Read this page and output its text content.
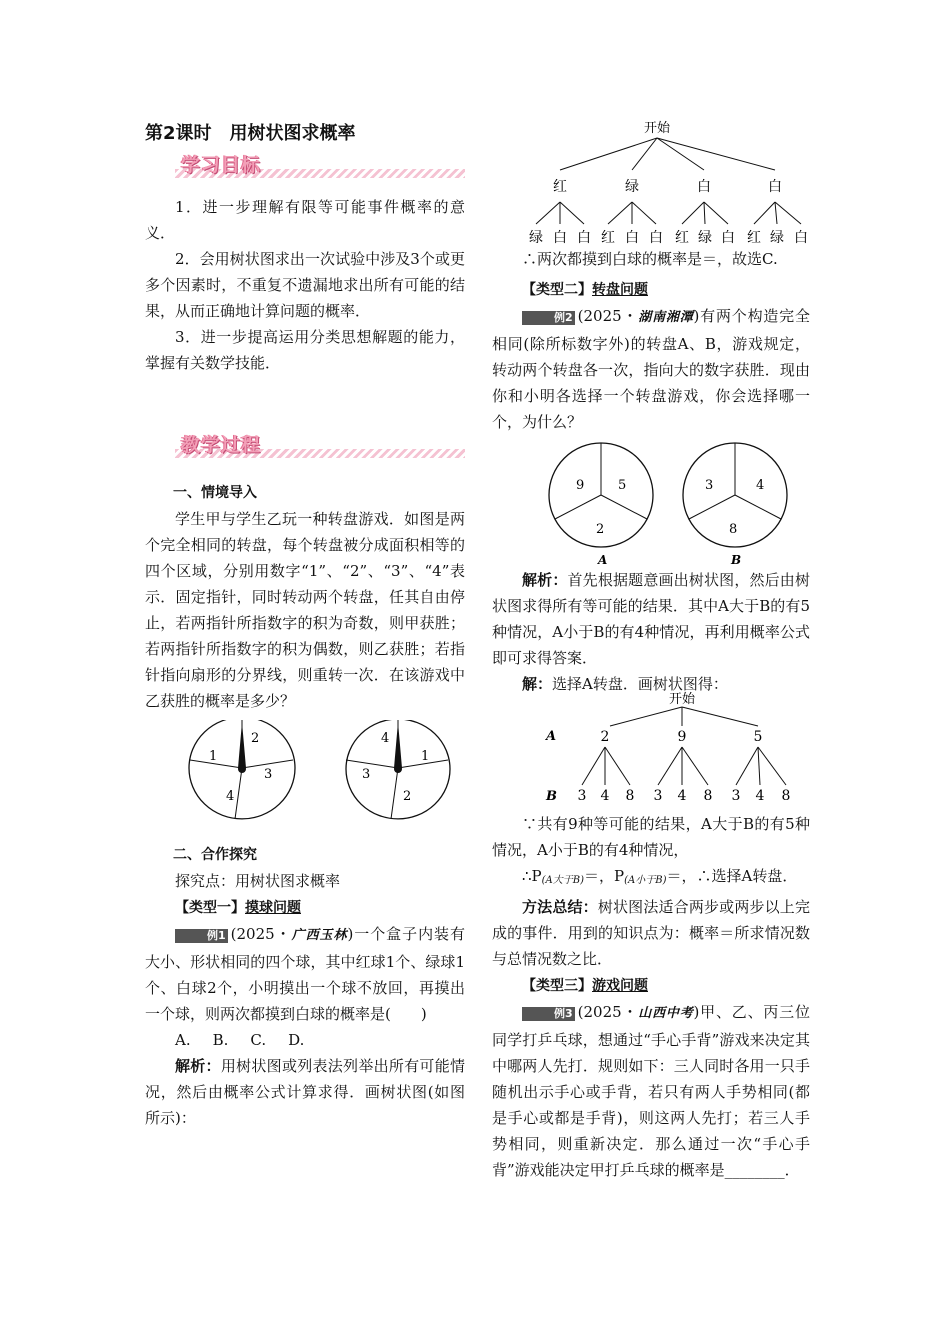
第2课时　用树状图求概率
学习目标

1．进一步理解有限等可能事件概率的意义．

2．会用树状图求出一次试验中涉及3个或更多个因素时，不重复不遗漏地求出所有可能的结果，从而正确地计算问题的概率．

3．进一步提高运用分类思想解题的能力，掌握有关数学技能．

教学过程
一、情境导入

学生甲与学生乙玩一种转盘游戏．如图是两个完全相同的转盘，每个转盘被分成面积相等的四个区域，分别用数字“1”、“2”、“3”、“4”表示．固定指针，同时转动两个转盘，任其自由停止，若两指针所指数字的积为奇数，则甲获胜；若两指针所指数字的积为偶数，则乙获胜；若指针指向扇形的分界线，则重转一次．在该游戏中乙获胜的概率是多少？

2
1
3
4
4
1
2
3
二、合作探究

探究点：用树状图求概率

【类型一】摸球问题

例1 (2025・广西玉林)一个盒子内装有大小、形状相同的四个球，其中红球1个、绿球1个、白球2个，小明摸出一个球不放回，再摸出一个球，则两次都摸到白球的概率是(　　)

A. B. C. D.

解析：用树状图或列表法列举出所有可能情况，然后由概率公式计算求得．画树状图(如图所示)：

开始
红	绿	白	白
绿 白 白 红 白 白 红 绿 白 红 绿 白

∴两次都摸到白球的概率是＝，故选C.

【类型二】转盘问题

例2 (2025・湖南湘潭)有两个构造完全相同(除所标数字外)的转盘A、B，游戏规定，转动两个转盘各一次，指向大的数字获胜．现由你和小明各选择一个转盘游戏，你会选择哪一个，为什么？

9	5
2
A
3	4
8
B

解析：首先根据题意画出树状图，然后由树状图求得所有等可能的结果．其中A大于B的有5种情况，A小于B的有4种情况，再利用概率公式即可求得答案．

解：选择A转盘．画树状图得：

开始
A
B
2	9	5
3 4 8 3 4 8 3 4 8

∵共有9种等可能的结果，A大于B的有5种情况，A小于B的有4种情况，

$\therefore P_{(A大于B)}=$，$P_{(A小于B)}=$，∴选择A转盘．

方法总结：树状图法适合两步或两步以上完成的事件．用到的知识点为：概率＝所求情况数与总情况数之比．

【类型三】游戏问题

例3 (2025・山西中考)甲、乙、丙三位同学打乒乓球，想通过“手心手背”游戏来决定其中哪两人先打．规则如下：三人同时各用一只手随机出示手心或手背，若只有两人手势相同(都是手心或都是手背)，则这两人先打；若三人手势相同，则重新决定．那么通过一次“手心手背”游戏能决定甲打乒乓球的概率是________．
